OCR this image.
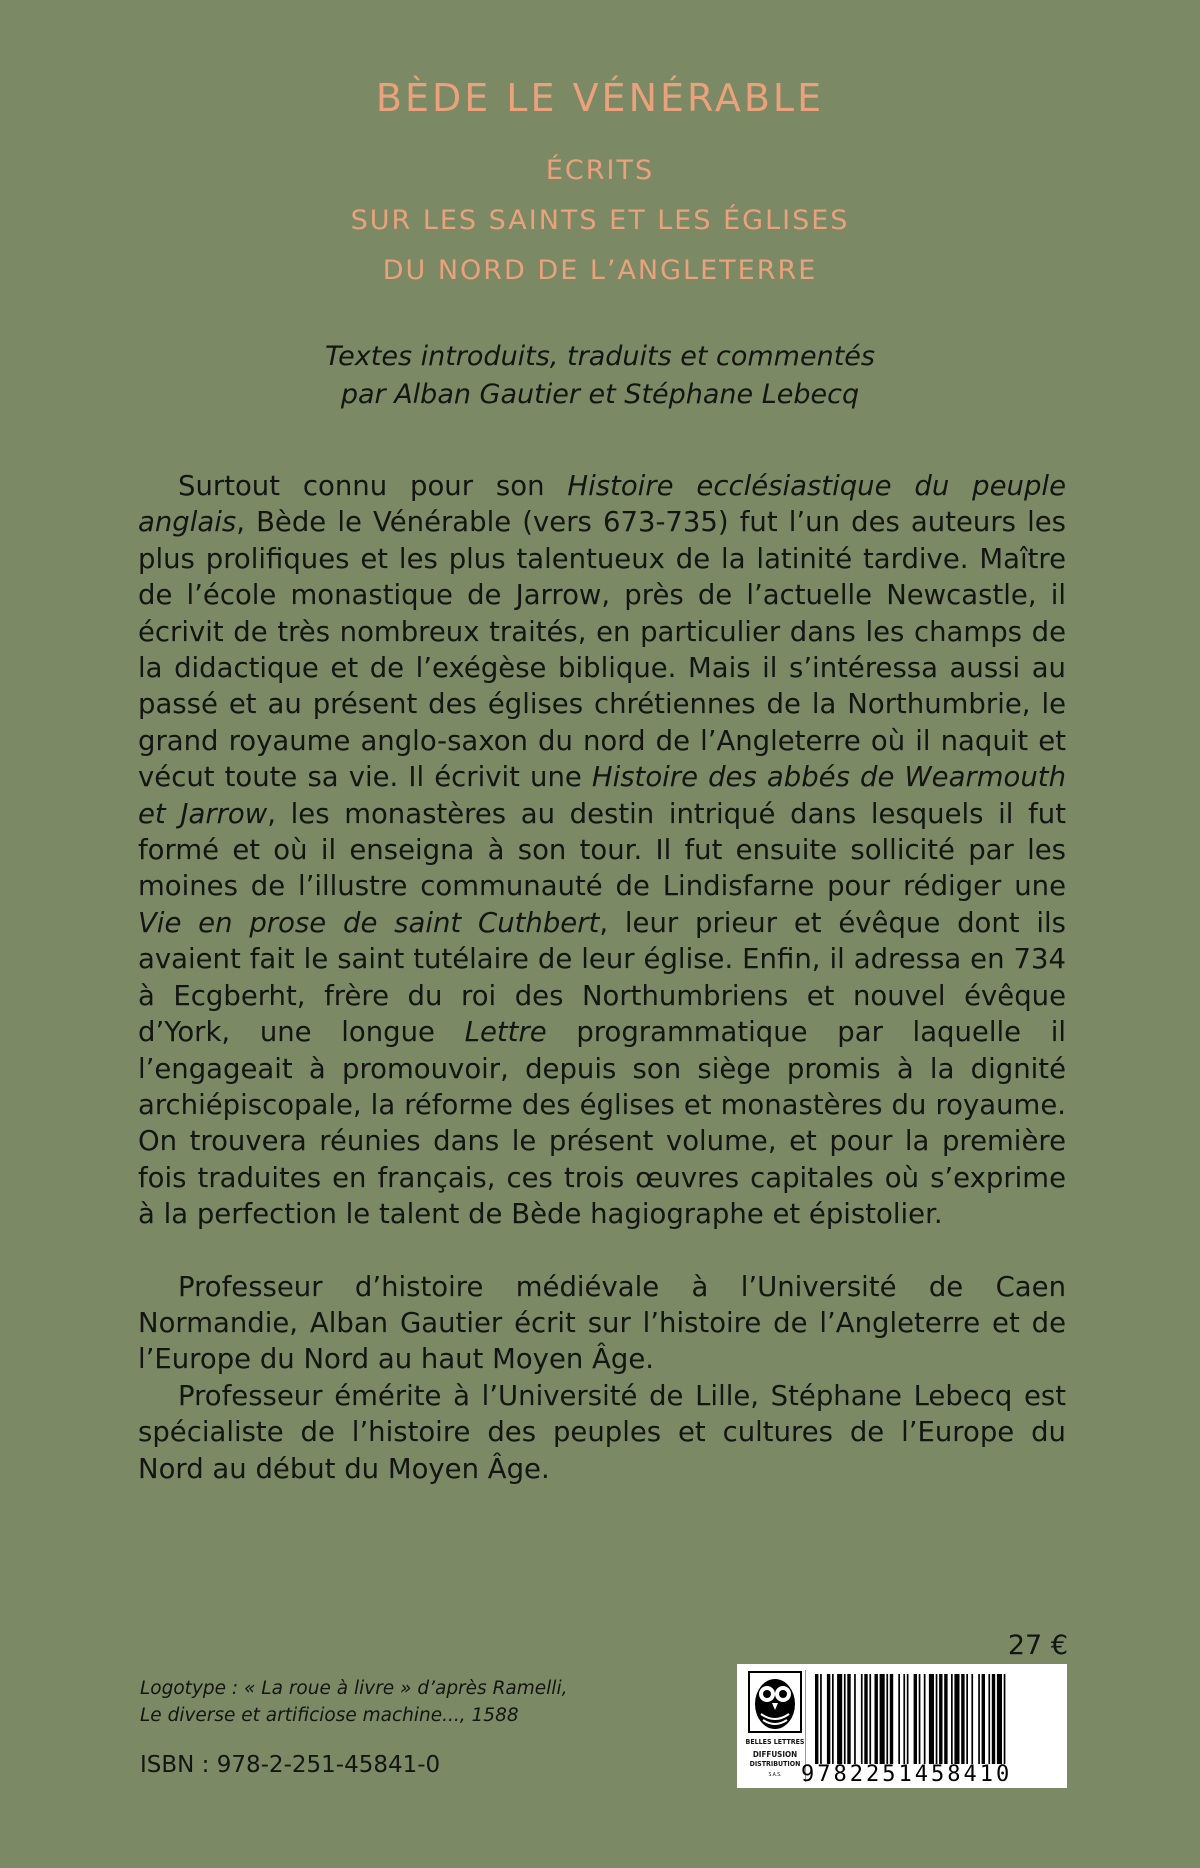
BÈDE LE VÉNÉRABLE
ÉCRITS
SUR LES SAINTS ET LES ÉGLISES
DU NORD DE L’ANGLETERRE
Textes introduits, traduits et commentés
par Alban Gautier et Stéphane Lebecq

Surtout connu pour son Histoire ecclésiastique du peuple anglais, Bède le Vénérable (vers 673-735) fut l’un des auteurs les plus prolifiques et les plus talentueux de la latinité tardive. Maître de l’école monastique de Jarrow, près de l’actuelle Newcastle, il écrivit de très nombreux traités, en particulier dans les champs de la didactique et de l’exégèse biblique. Mais il s’intéressa aussi au passé et au présent des églises chrétiennes de la Northumbrie, le grand royaume anglo-saxon du nord de l’Angleterre où il naquit et vécut toute sa vie. Il écrivit une Histoire des abbés de Wearmouth et Jarrow, les monastères au destin intriqué dans lesquels il fut formé et où il enseigna à son tour. Il fut ensuite sollicité par les moines de l’illustre communauté de Lindisfarne pour rédiger une Vie en prose de saint Cuthbert, leur prieur et évêque dont ils avaient fait le saint tutélaire de leur église. Enfin, il adressa en 734 à Ecgberht, frère du roi des Northumbriens et nouvel évêque d’York, une longue Lettre programmatique par laquelle il l’engageait à promouvoir, depuis son siège promis à la dignité archiépiscopale, la réforme des églises et monastères du royaume. On trouvera réunies dans le présent volume, et pour la première fois traduites en français, ces trois œuvres capitales où s’exprime à la perfection le talent de Bède hagiographe et épistolier.

Professeur d’histoire médiévale à l’Université de Caen Normandie, Alban Gautier écrit sur l’histoire de l’Angleterre et de l’Europe du Nord au haut Moyen Âge.

Professeur émérite à l’Université de Lille, Stéphane Lebecq est spécialiste de l’histoire des peuples et cultures de l’Europe du Nord au début du Moyen Âge.

27 €
Logotype : « La roue à livre » d’après Ramelli,
Le diverse et artificiose machine..., 1588
ISBN : 978-2-251-45841-0
BELLES LETTRES
DIFFUSION
DISTRIBUTION
S.A.S. 9782251458410
